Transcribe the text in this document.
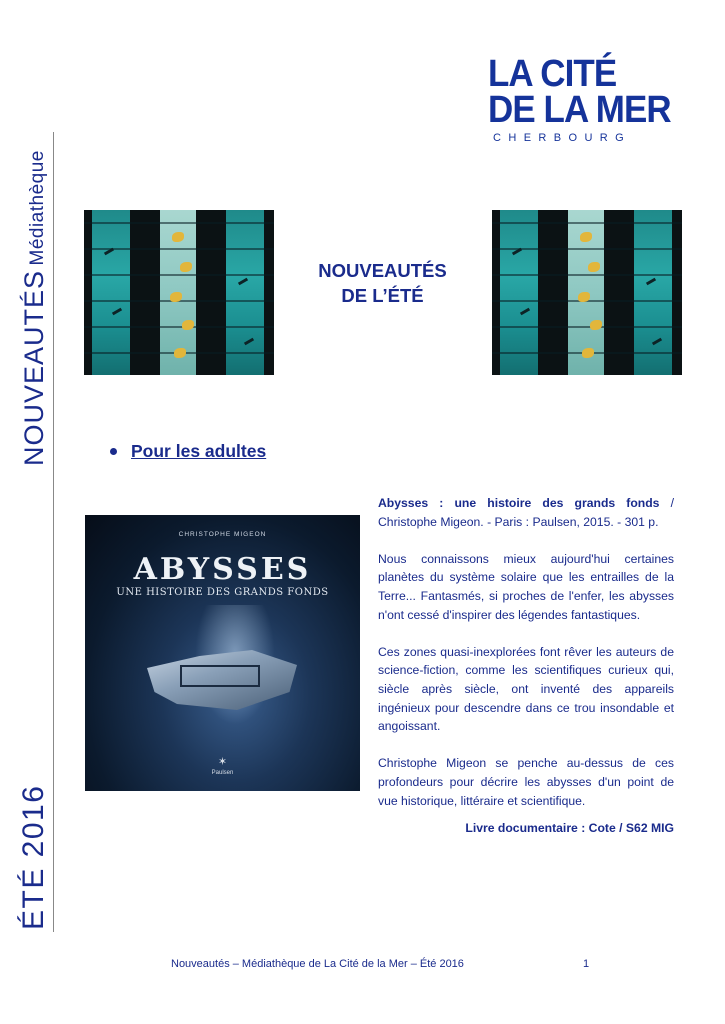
LA CITÉ
DE LA MER
CHERBOURG
NOUVEAUTÉS Médiathèque
ÉTÉ 2016
NOUVEAUTÉS
DE L’ÉTÉ
Pour les adultes
CHRISTOPHE MIGEON
ABYSSES
UNE HISTOIRE DES GRANDS FONDS
✶
Paulsen

Abysses : une histoire des grands fonds / Christophe Migeon. - Paris : Paulsen, 2015. - 301 p.

Nous connaissons mieux aujourd'hui certaines planètes du système solaire que les entrailles de la Terre... Fantasmés, si proches de l'enfer, les abysses n'ont cessé d'inspirer des légendes fantastiques.

Ces zones quasi-inexplorées font rêver les auteurs de science-fiction, comme les scientifiques curieux qui, siècle après siècle, ont inventé des appareils ingénieux pour descendre dans ce trou insondable et angoissant.

Christophe Migeon se penche au-dessus de ces profondeurs pour décrire les abysses d'un point de vue historique, littéraire et scientifique.

Livre documentaire : Cote / S62 MIG
Nouveautés – Médiathèque de La Cité de la Mer – Été 2016	1
